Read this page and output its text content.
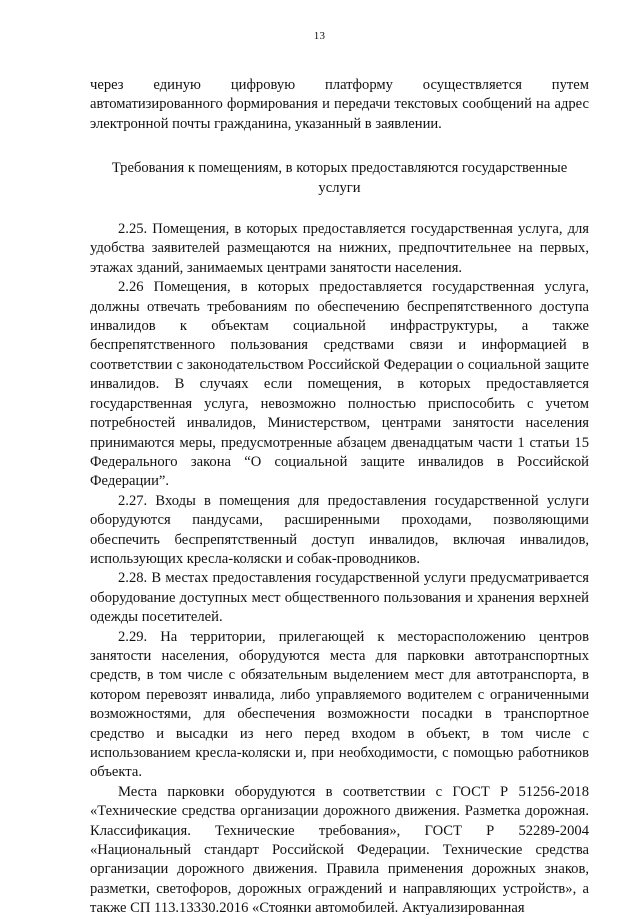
13

через единую цифровую платформу осуществляется путем автоматизированного формирования и передачи текстовых сообщений на адрес электронной почты гражданина, указанный в заявлении.

Требования к помещениям, в которых предоставляются государственные услуги

2.25. Помещения, в которых предоставляется государственная услуга, для удобства заявителей размещаются на нижних, предпочтительнее на первых, этажах зданий, занимаемых центрами занятости населения.

2.26 Помещения, в которых предоставляется государственная услуга, должны отвечать требованиям по обеспечению беспрепятственного доступа инвалидов к объектам социальной инфраструктуры, а также беспрепятственного пользования средствами связи и информацией в соответствии с законодательством Российской Федерации о социальной защите инвалидов. В случаях если помещения, в которых предоставляется государственная услуга, невозможно полностью приспособить с учетом потребностей инвалидов, Министерством, центрами занятости населения принимаются меры, предусмотренные абзацем двенадцатым части 1 статьи 15 Федерального закона “О социальной защите инвалидов в Российской Федерации”.

2.27. Входы в помещения для предоставления государственной услуги оборудуются пандусами, расширенными проходами, позволяющими обеспечить беспрепятственный доступ инвалидов, включая инвалидов, использующих кресла-коляски и собак-проводников.

2.28. В местах предоставления государственной услуги предусматривается оборудование доступных мест общественного пользования и хранения верхней одежды посетителей.

2.29. На территории, прилегающей к месторасположению центров занятости населения, оборудуются места для парковки автотранспортных средств, в том числе с обязательным выделением мест для автотранспорта, в котором перевозят инвалида, либо управляемого водителем с ограниченными возможностями, для обеспечения возможности посадки в транспортное средство и высадки из него перед входом в объект, в том числе с использованием кресла-коляски и, при необходимости, с помощью работников объекта.

Места парковки оборудуются в соответствии с ГОСТ Р 51256-2018 «Технические средства организации дорожного движения. Разметка дорожная. Классификация. Технические требования», ГОСТ Р 52289-2004 «Национальный стандарт Российской Федерации. Технические средства организации дорожного движения. Правила применения дорожных знаков, разметки, светофоров, дорожных ограждений и направляющих устройств», а также СП 113.13330.2016 «Стоянки автомобилей. Актуализированная
